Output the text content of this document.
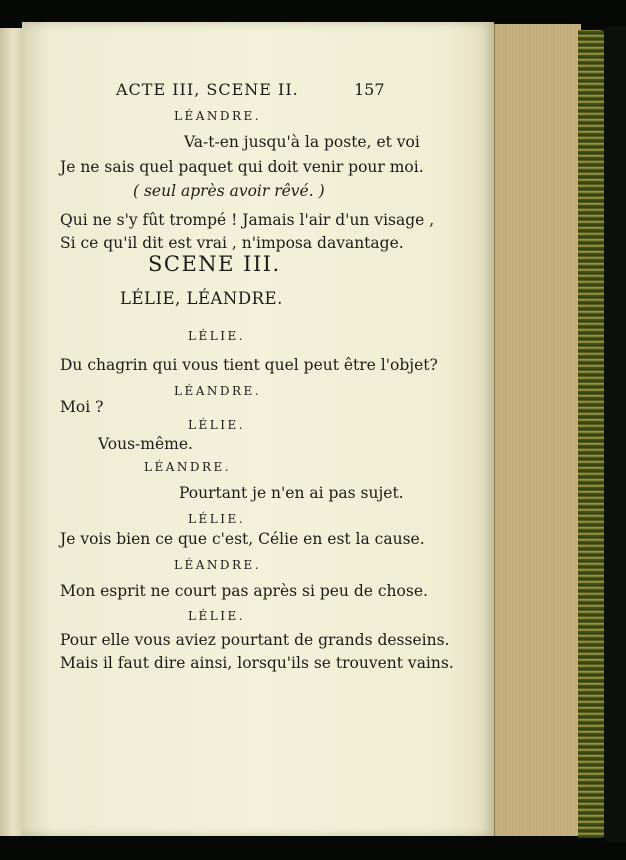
ACTE III, SCENE II.	157
LÉANDRE.
Va-t-en jusqu'à la poste, et voi
Je ne sais quel paquet qui doit venir pour moi.
( seul après avoir rêvé. )
Qui ne s'y fût trompé ! Jamais l'air d'un visage ,
Si ce qu'il dit est vrai , n'imposa davantage.
SCENE III.
LÉLIE, LÉANDRE.
LÉLIE.
Du chagrin qui vous tient quel peut être l'objet?
LÉANDRE.
Moi ?
LÉLIE.
Vous-même.
LÉANDRE.
Pourtant je n'en ai pas sujet.
LÉLIE.
Je vois bien ce que c'est, Célie en est la cause.
LÉANDRE.
Mon esprit ne court pas après si peu de chose.
LÉLIE.
Pour elle vous aviez pourtant de grands desseins.
Mais il faut dire ainsi, lorsqu'ils se trouvent vains.
